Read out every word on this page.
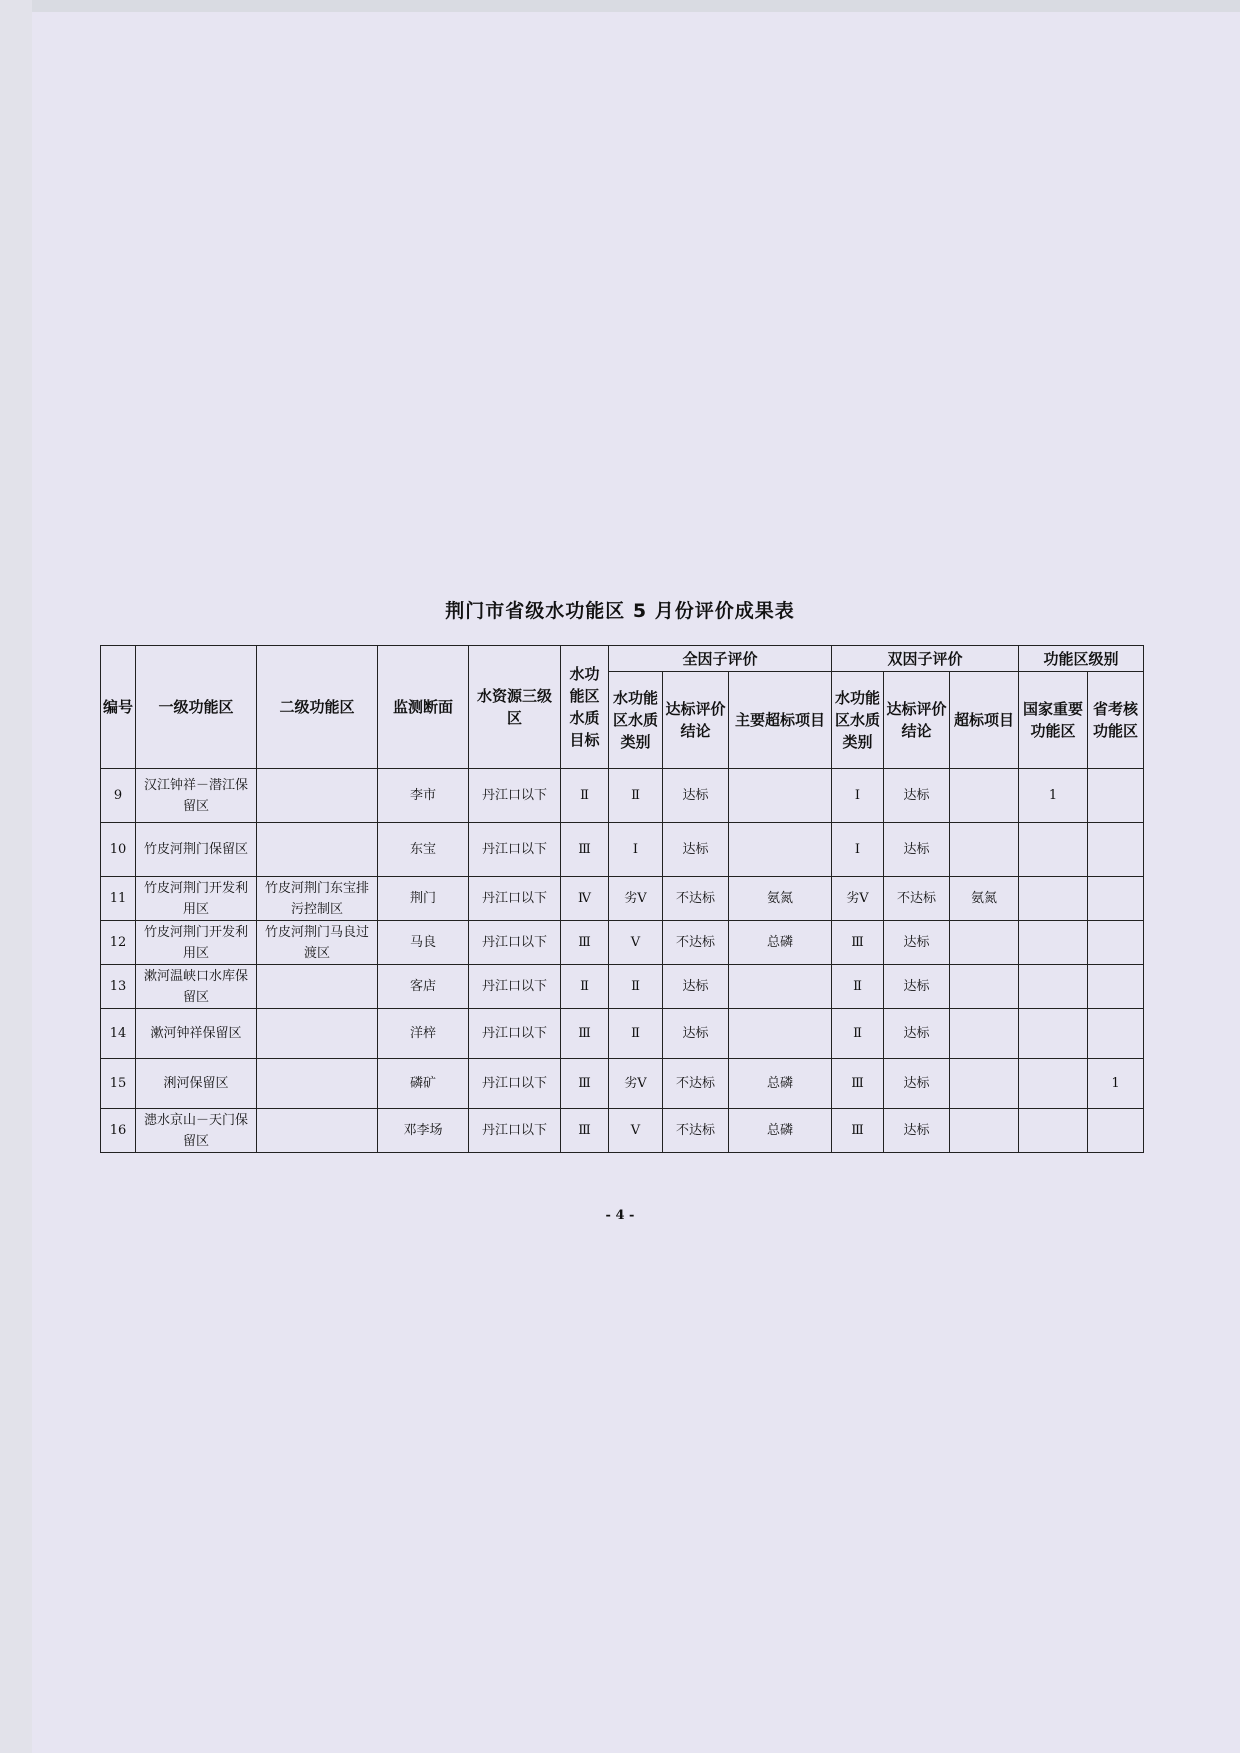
荆门市省级水功能区 5 月份评价成果表
编号	一级功能区	二级功能区	监测断面	水资源三级区	水功能区水质目标	全因子评价			双因子评价			功能区级别	
						水功能区水质类别	达标评价结论	主要超标项目	水功能区水质类别	达标评价结论	超标项目	国家重要功能区	省考核功能区
9	汉江钟祥－潜江保留区		李市	丹江口以下	Ⅱ	Ⅱ	达标		Ⅰ	达标		1	
10	竹皮河荆门保留区		东宝	丹江口以下	Ⅲ	Ⅰ	达标		Ⅰ	达标			
11	竹皮河荆门开发利用区	竹皮河荆门东宝排污控制区	荆门	丹江口以下	Ⅳ	劣Ⅴ	不达标	氨氮	劣Ⅴ	不达标	氨氮		
12	竹皮河荆门开发利用区	竹皮河荆门马良过渡区	马良	丹江口以下	Ⅲ	Ⅴ	不达标	总磷	Ⅲ	达标			
13	漱河温峡口水库保留区		客店	丹江口以下	Ⅱ	Ⅱ	达标		Ⅱ	达标			
14	漱河钟祥保留区		洋梓	丹江口以下	Ⅲ	Ⅱ	达标		Ⅱ	达标			
15	浰河保留区		磷矿	丹江口以下	Ⅲ	劣Ⅴ	不达标	总磷	Ⅲ	达标			1
16	漶水京山－天门保留区		邓李场	丹江口以下	Ⅲ	Ⅴ	不达标	总磷	Ⅲ	达标			
- 4 -
